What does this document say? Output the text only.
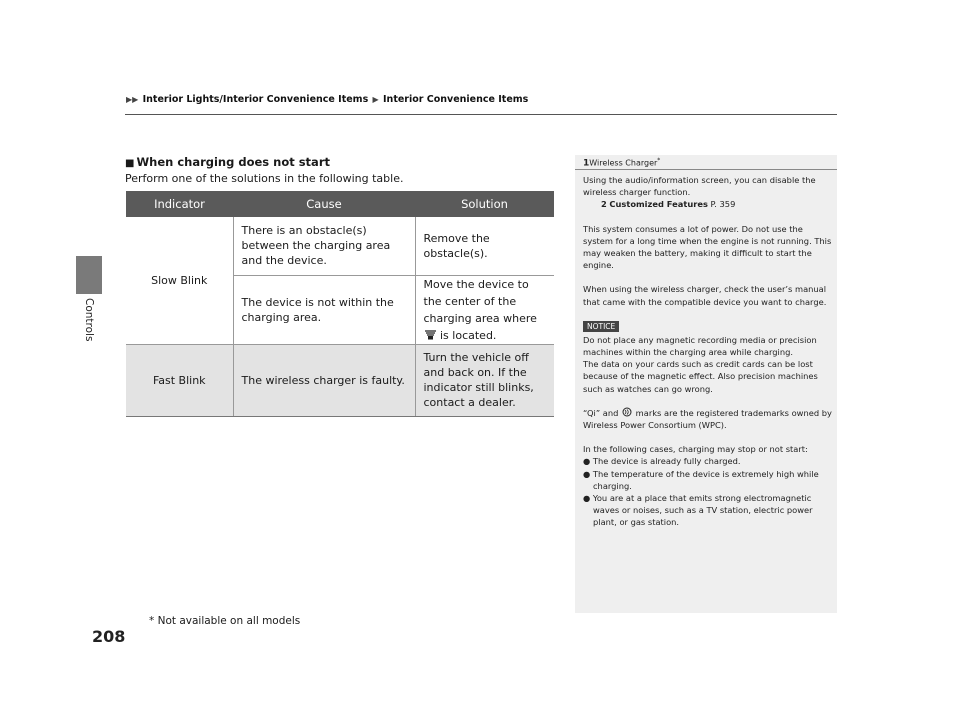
▶▶ Interior Lights/Interior Convenience Items ▶ Interior Convenience Items
Controls
■ When charging does not start
Perform one of the solutions in the following table.
Indicator	Cause	Solution
Slow Blink	There is an obstacle(s) between the charging area and the device.	Remove the obstacle(s).
	The device is not within the charging area.	Move the device to the center of the charging area where  is located.
Fast Blink	The wireless charger is faulty.	Turn the vehicle off and back on. If the indicator still blinks, contact a dealer.
1Wireless Charger*

Using the audio/information screen, you can disable the wireless charger function.
2 Customized Features P. 359

This system consumes a lot of power. Do not use the system for a long time when the engine is not running. This may weaken the battery, making it difficult to start the engine.

When using the wireless charger, check the user’s manual that came with the compatible device you want to charge.

NOTICE
Do not place any magnetic recording media or precision machines within the charging area while charging.
The data on your cards such as credit cards can be lost because of the magnetic effect. Also precision machines such as watches can go wrong.

“Qi” and marks are the registered trademarks owned by Wireless Power Consortium (WPC).

In the following cases, charging may stop or not start:
● The device is already fully charged.
● The temperature of the device is extremely high while charging.
● You are at a place that emits strong electromagnetic waves or noises, such as a TV station, electric power plant, or gas station.
208
* Not available on all models
